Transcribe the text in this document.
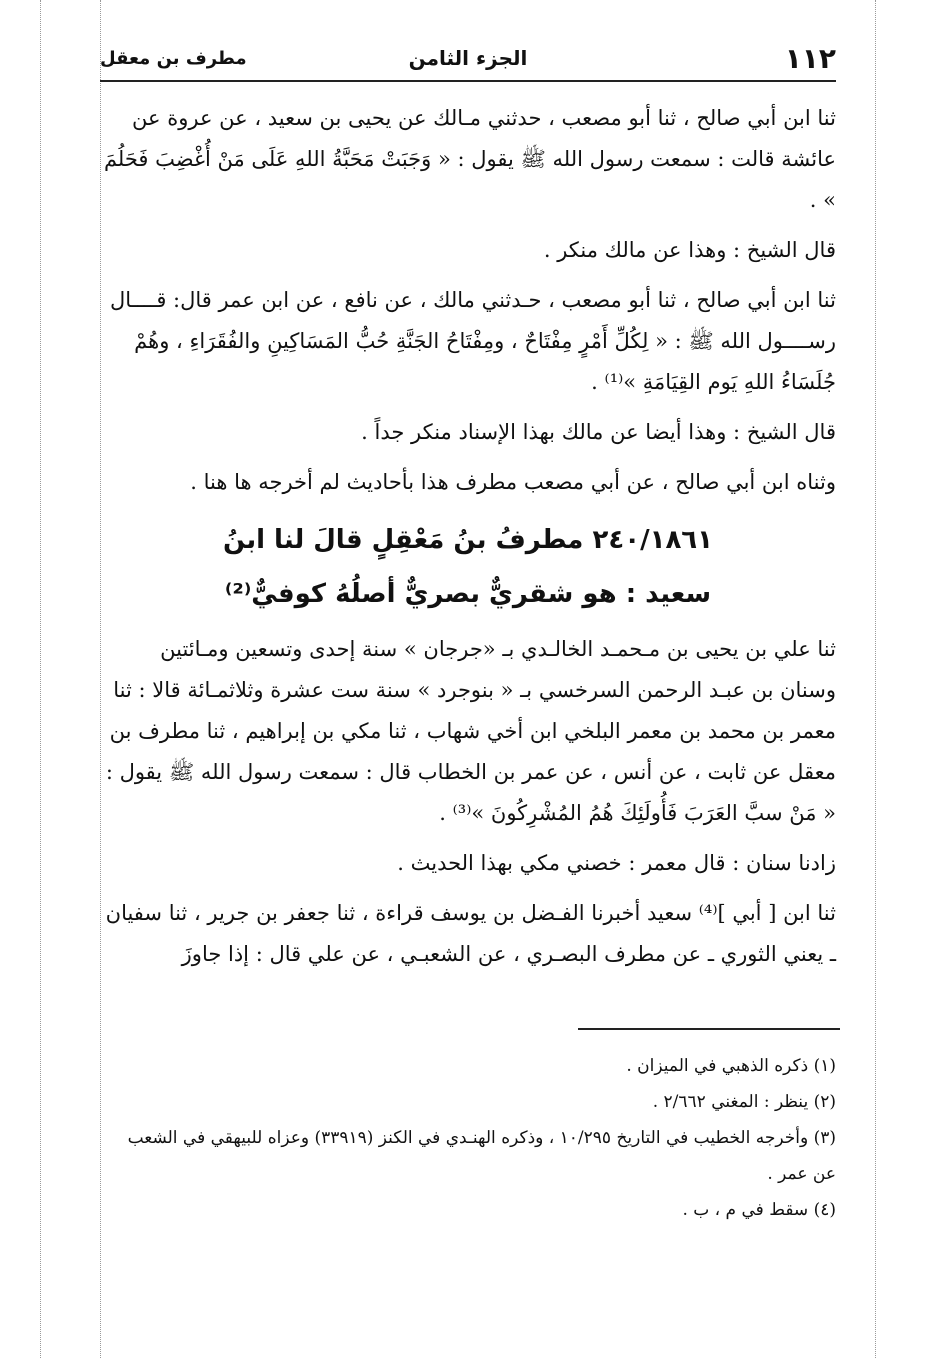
١١٢
الجزء الثامن
مطرف بن معقل

ثنا ابن أبي صالح ، ثنا أبو مصعب ، حدثني مـالك عن يحيى بن سعيد ، عن عروة عن عائشة قالت : سمعت رسول الله ﷺ يقول : « وَجَبَتْ مَحَبَّةُ اللهِ عَلَى مَنْ أُغْضِبَ فَحَلُمَ » .

قال الشيخ : وهذا عن مالك منكر .

ثنا ابن أبي صالح ، ثنا أبو مصعب ، حـدثني مالك ، عن نافع ، عن ابن عمر قال: قــــال رســــول الله ﷺ : « لِكُلِّ أَمْرٍ مِفْتَاحٌ ، ومِفْتَاحُ الجَنَّةِ حُبُّ المَسَاكِينِ والفُقَرَاءِ ، وهُمْ جُلَسَاءُ اللهِ يَوم القِيَامَةِ »⁽¹⁾ .

قال الشيخ : وهذا أيضا عن مالك بهذا الإسناد منكر جداً .

وثناه ابن أبي صالح ، عن أبي مصعب مطرف هذا بأحاديث لم أخرجه ها هنا .

٢٤٠/١٨٦١ مطرفُ بنُ مَعْقِلٍ قالَ لنا ابنُ
سعيد : هو شقريٌّ بصريٌّ أصلُهُ كوفيٌّ⁽²⁾

ثنا علي بن يحيى بن مـحمـد الخالـدي بـ «جرجان » سنة إحدى وتسعين ومـائتين وسنان بن عبـد الرحمن السرخسي بـ « بنوجرد » سنة ست عشرة وثلاثمـائة قالا : ثنا معمر بن محمد بن معمر البلخي ابن أخي شهاب ، ثنا مكي بن إبراهيم ، ثنا مطرف بن معقل عن ثابت ، عن أنس ، عن عمر بن الخطاب قال : سمعت رسول الله ﷺ يقول : « مَنْ سبَّ العَرَبَ فَأُولَئِكَ هُمُ المُشْرِكُونَ »⁽³⁾ .

زادنا سنان : قال معمر : خصني مكي بهذا الحديث .

ثنا ابن [ أبي ]⁽⁴⁾ سعيد أخبرنا الفـضل بن يوسف قراءة ، ثنا جعفر بن جرير ، ثنا سفيان ـ يعني الثوري ـ عن مطرف البصـري ، عن الشعبـي ، عن علي قال : إذا جاوزَ

(١) ذكره الذهبي في الميزان .

(٢) ينظر : المغني ٢/٦٦٢ .

(٣) وأخرجه الخطيب في التاريخ ١٠/٢٩٥ ، وذكره الهنـدي في الكنز (٣٣٩١٩) وعزاه للبيهقي في الشعب عن عمر .

(٤) سقط في م ، ب .
